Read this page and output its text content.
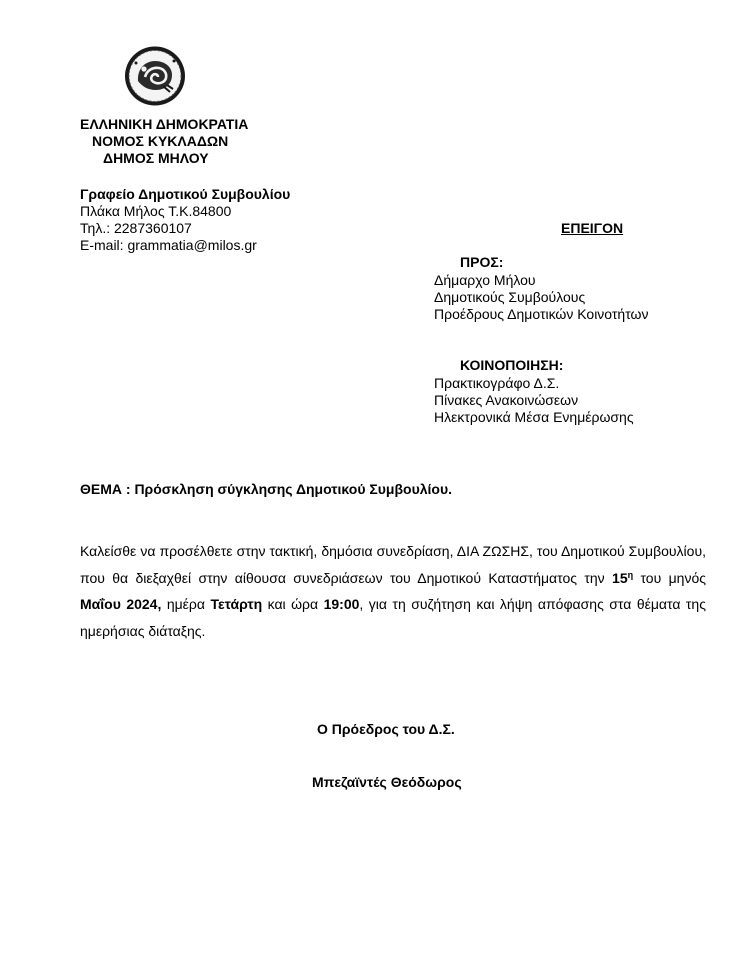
ΕΛΛΗΝΙΚΗ ΔΗΜΟΚΡΑΤΙΑ
ΝΟΜΟΣ ΚΥΚΛΑΔΩΝ
ΔΗΜΟΣ ΜΗΛΟΥ
Γραφείο Δημοτικού Συμβουλίου
Πλάκα Μήλος Τ.Κ.84800
Τηλ.: 2287360107
E-mail: grammatia@milos.gr
ΕΠΕΙΓΟΝ
ΠΡΟΣ:
Δήμαρχο Μήλου
Δημοτικούς Συμβούλους
Προέδρους Δημοτικών Κοινοτήτων
ΚΟΙΝΟΠΟΙΗΣΗ:
Πρακτικογράφο Δ.Σ.
Πίνακες Ανακοινώσεων
Ηλεκτρονικά Μέσα Ενημέρωσης
ΘΕΜΑ : Πρόσκληση σύγκλησης Δημοτικού Συμβουλίου.
Καλείσθε να προσέλθετε στην τακτική, δημόσια συνεδρίαση, ΔΙΑ ΖΩΣΗΣ, του Δημοτικού Συμβουλίου, που θα διεξαχθεί στην αίθουσα συνεδριάσεων του Δημοτικού Καταστήματος την $15^\eta$ του μηνός Μαΐου 2024, ημέρα Τετάρτη και ώρα 19:00, για τη συζήτηση και λήψη απόφασης στα θέματα της ημερήσιας διάταξης.
Ο Πρόεδρος του Δ.Σ.
Μπεζαϊντές Θεόδωρος
